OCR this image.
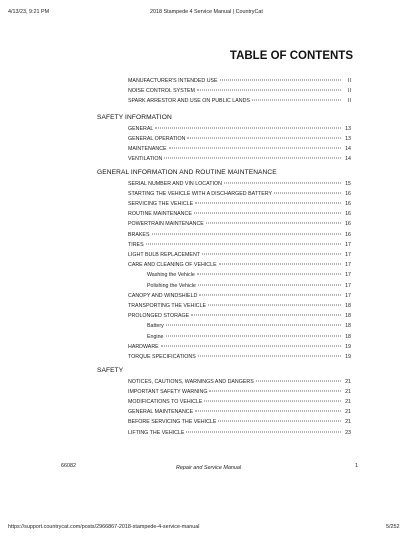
4/13/23, 9:21 PM	2018 Stampede 4 Service Manual | CountryCat
TABLE OF CONTENTS
MANUFACTURER'S INTENDED USE	II
NOISE CONTROL SYSTEM	II
SPARK ARRESTOR AND USE ON PUBLIC LANDS	II
SAFETY INFORMATION
GENERAL	13
GENERAL OPERATION	13
MAINTENANCE	14
VENTILATION	14
GENERAL INFORMATION AND ROUTINE MAINTENANCE
SERIAL NUMBER AND VIN LOCATION	15
STARTING THE VEHICLE WITH A DISCHARGED BATTERY	16
SERVICING THE VEHICLE	16
ROUTINE MAINTENANCE	16
POWERTRAIN MAINTENANCE	16
BRAKES	16
TIRES	17
LIGHT BULB REPLACEMENT	17
CARE AND CLEANING OF VEHICLE	17
Washing the Vehicle	17
Polishing the Vehicle	17
CANOPY AND WINDSHIELD	17
TRANSPORTING THE VEHICLE	18
PROLONGED STORAGE	18
Battery	18
Engine	18
HARDWARE	19
TORQUE SPECIFICATIONS	19
SAFETY
NOTICES, CAUTIONS, WARNINGS AND DANGERS	21
IMPORTANT SAFETY WARNING	21
MODIFICATIONS TO VEHICLE	21
GENERAL MAINTENANCE	21
BEFORE SERVICING THE VEHICLE	21
LIFTING THE VEHICLE	23
66082	Repair and Service Manual	1
https://support.countrycat.com/posts/2966867-2018-stampede-4-service-manual	5/252
